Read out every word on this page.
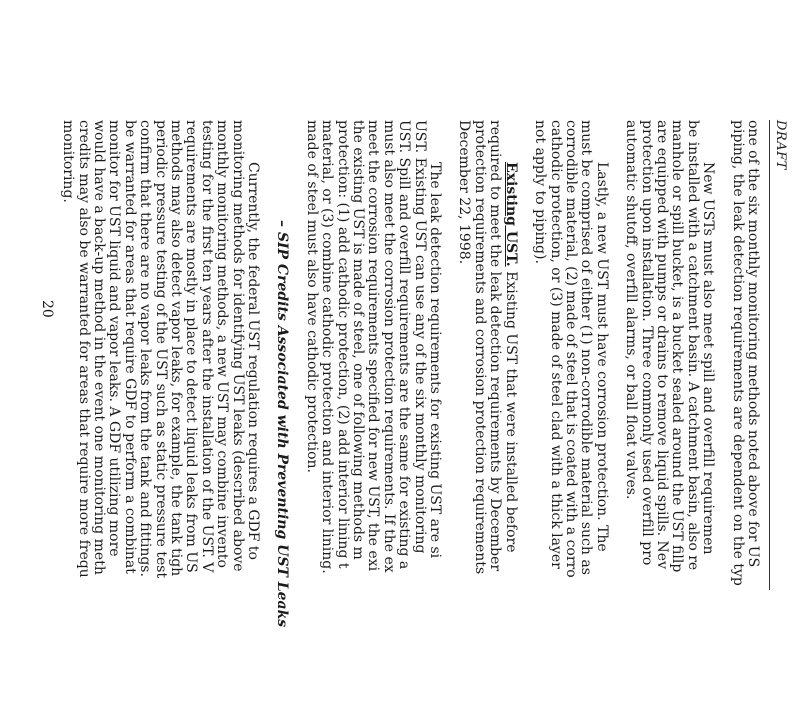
DRAFT

one of the six monthly monitoring methods noted above for US
piping, the leak detection requirements are dependent on the typ

New USTs must also meet spill and overfill requiremen
be installed with a catchment basin. A catchment basin, also re
manhole or spill bucket, is a bucket sealed around the UST fillp
are equipped with pumps or drains to remove liquid spills. Nev
protection upon installation. Three commonly used overfill pro
automatic shutoff, overfill alarms, or ball float valves.

Lastly, a new UST must have corrosion protection. The
must be comprised of either (1) non-corrodible material such as
corrodible material, (2) made of steel that is coated with a corro
cathodic protection, or (3) made of steel clad with a thick layer
not apply to piping).

Existing UST. Existing UST that were installed before
required to meet the leak detection requirements by December
protection requirements and corrosion protection requirements
December 22, 1998.

The leak detection requirements for existing UST are si
UST. Existing UST can use any of the six monthly monitoring
UST. Spill and overfill requirements are the same for existing a
must also meet the corrosion protection requirements. If the ex
meet the corrosion requirements specified for new UST, the exi
the existing UST is made of steel, one of following methods m
protection: (1) add cathodic protection, (2) add interior lining t
material, or (3) combine cathodic protection and interior lining.
made of steel must also have cathodic protection.

– SIP Credits Associated with Preventing UST Leaks

Currently, the federal UST regulation requires a GDF to
monitoring methods for identifying UST leaks (described above
monthly monitoring methods, a new UST may combine invento
testing for the first ten years after the installation of the UST. V
requirements are mostly in place to detect liquid leaks from US
methods may also detect vapor leaks, for example, the tank tigh
periodic pressure testing of the UST such as static pressure test
confirm that there are no vapor leaks from the tank and fittings.
be warranted for areas that require GDF to perform a combinat
monitor for UST liquid and vapor leaks. A GDF utilizing more
would have a back-up method in the event one monitoring meth
credits may also be warranted for areas that require more frequ
monitoring.

20
